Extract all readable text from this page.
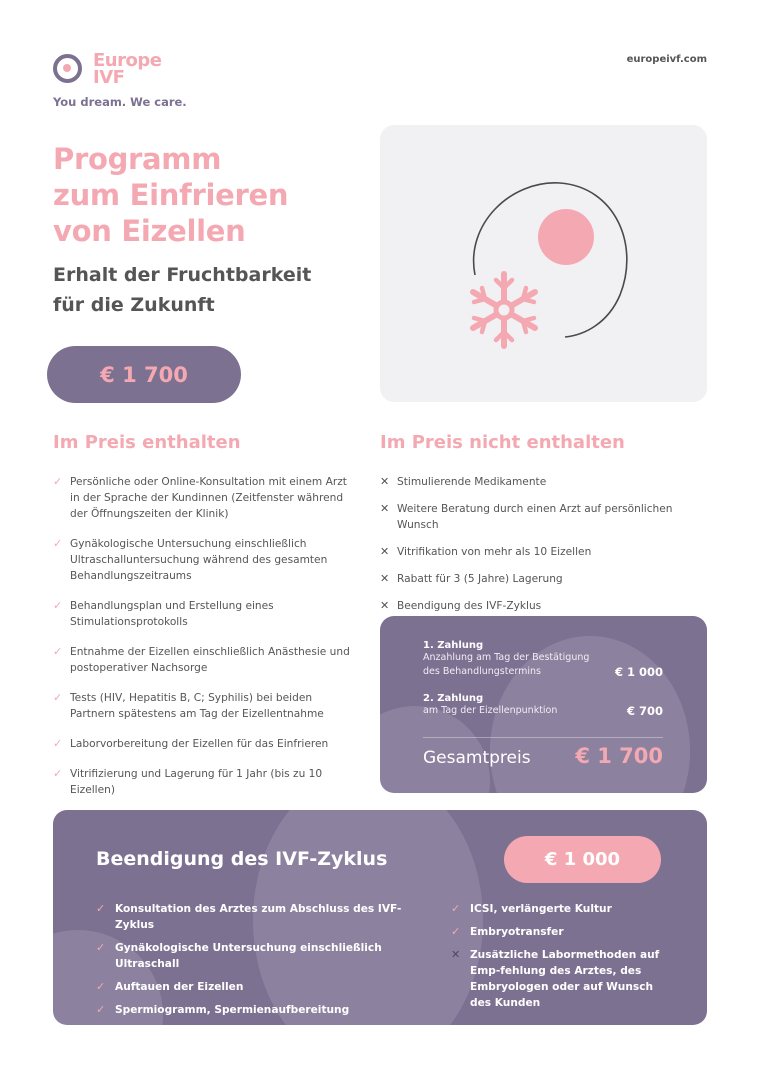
Europe
IVF
You dream. We care.
europeivf.com
Programm
zum Einfrieren
von Eizellen
Erhalt der Fruchtbarkeit
für die Zukunft
€ 1 700
Im Preis enthalten
✓ Persönliche oder Online-Konsultation mit einem Arzt in der Sprache der Kundinnen (Zeitfenster während der Öffnungszeiten der Klinik)
✓ Gynäkologische Untersuchung einschließlich Ultraschalluntersuchung während des gesamten Behandlungszeitraums
✓ Behandlungsplan und Erstellung eines Stimulationsprotokolls
✓ Entnahme der Eizellen einschließlich Anästhesie und postoperativer Nachsorge
✓ Tests (HIV, Hepatitis B, C; Syphilis) bei beiden Partnern spätestens am Tag der Eizellentnahme
✓ Laborvorbereitung der Eizellen für das Einfrieren
✓ Vitrifizierung und Lagerung für 1 Jahr (bis zu 10 Eizellen)
Im Preis nicht enthalten
✕ Stimulierende Medikamente
✕ Weitere Beratung durch einen Arzt auf persönlichen Wunsch
✕ Vitrifikation von mehr als 10 Eizellen
✕ Rabatt für 3 (5 Jahre) Lagerung
✕ Beendigung des IVF-Zyklus
1. Zahlung
Anzahlung am Tag der Bestätigung des Behandlungstermins	€ 1 000
2. Zahlung
am Tag der Eizellenpunktion	€ 700
Gesamtpreis € 1 700
Beendigung des IVF-Zyklus	€ 1 000
✓ Konsultation des Arztes zum Abschluss des IVF-Zyklus
✓ Gynäkologische Untersuchung einschließlich Ultraschall
✓ Auftauen der Eizellen
✓ Spermiogramm, Spermienaufbereitung
✓ ICSI, verlängerte Kultur
✓ Embryotransfer
✕ Zusätzliche Labormethoden auf Emp-fehlung des Arztes, des Embryologen oder auf Wunsch des Kunden
